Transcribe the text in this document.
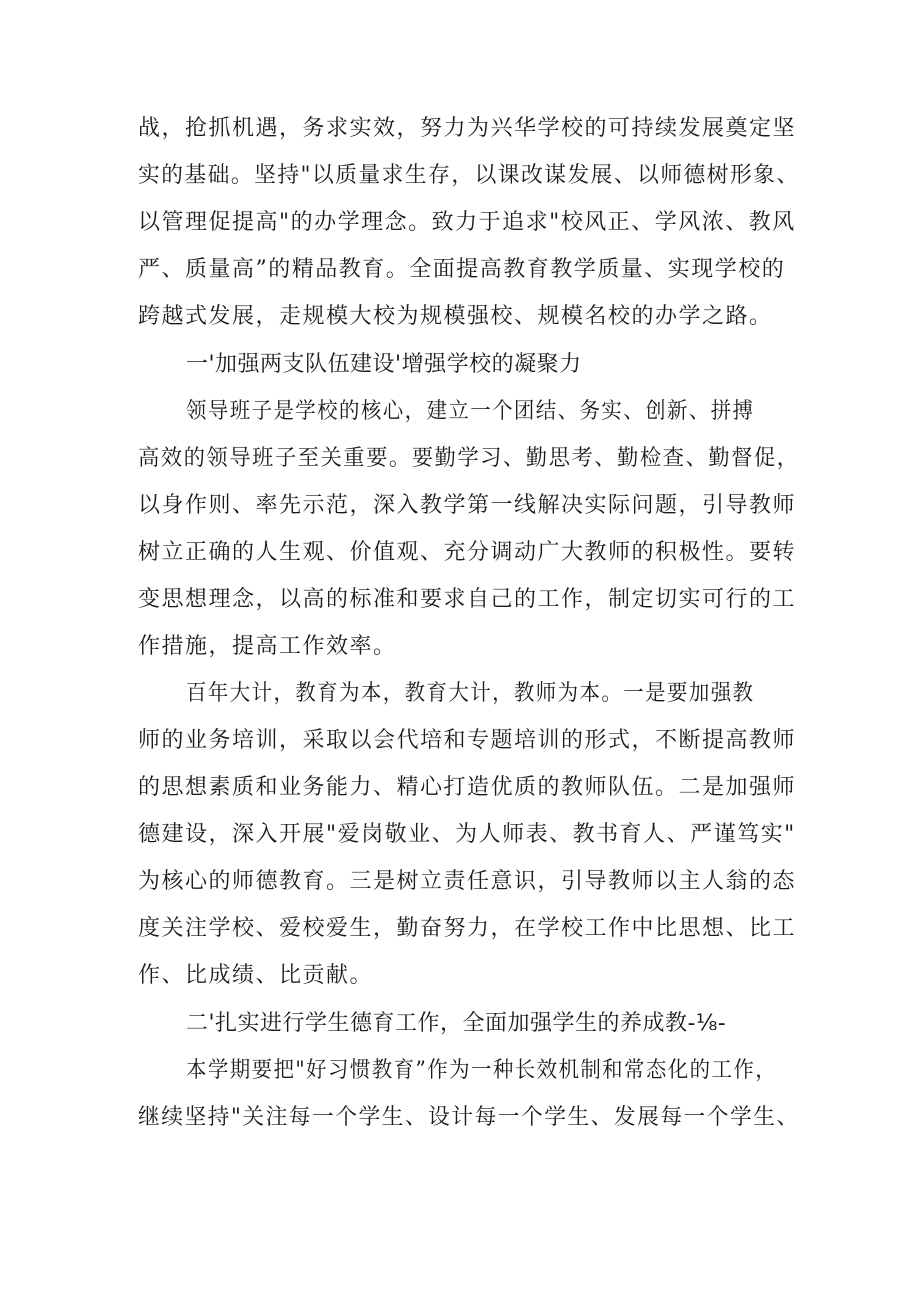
战，抢抓机遇，务求实效，努力为兴华学校的可持续发展奠定坚
实的基础。坚持"以质量求生存，以课改谋发展、以师德树形象、
以管理促提高"的办学理念。致力于追求"校风正、学风浓、教风
严、质量高”的精品教育。全面提高教育教学质量、实现学校的
跨越式发展，走规模大校为规模强校、规模名校的办学之路。
一'加强两支队伍建设'增强学校的凝聚力
领导班子是学校的核心，建立一个团结、务实、创新、拼搏
高效的领导班子至关重要。要勤学习、勤思考、勤检查、勤督促，
以身作则、率先示范，深入教学第一线解决实际问题，引导教师
树立正确的人生观、价值观、充分调动广大教师的积极性。要转
变思想理念，以高的标准和要求自己的工作，制定切实可行的工
作措施，提高工作效率。
百年大计，教育为本，教育大计，教师为本。一是要加强教
师的业务培训，采取以会代培和专题培训的形式，不断提高教师
的思想素质和业务能力、精心打造优质的教师队伍。二是加强师
德建设，深入开展"爱岗敬业、为人师表、教书育人、严谨笃实"
为核心的师德教育。三是树立责任意识，引导教师以主人翁的态
度关注学校、爱校爱生，勤奋努力，在学校工作中比思想、比工
作、比成绩、比贡献。
二'扎实进行学生德育工作，全面加强学生的养成教-⅛-
本学期要把"好习惯教育”作为一种长效机制和常态化的工作，
继续坚持"关注每一个学生、设计每一个学生、发展每一个学生、
